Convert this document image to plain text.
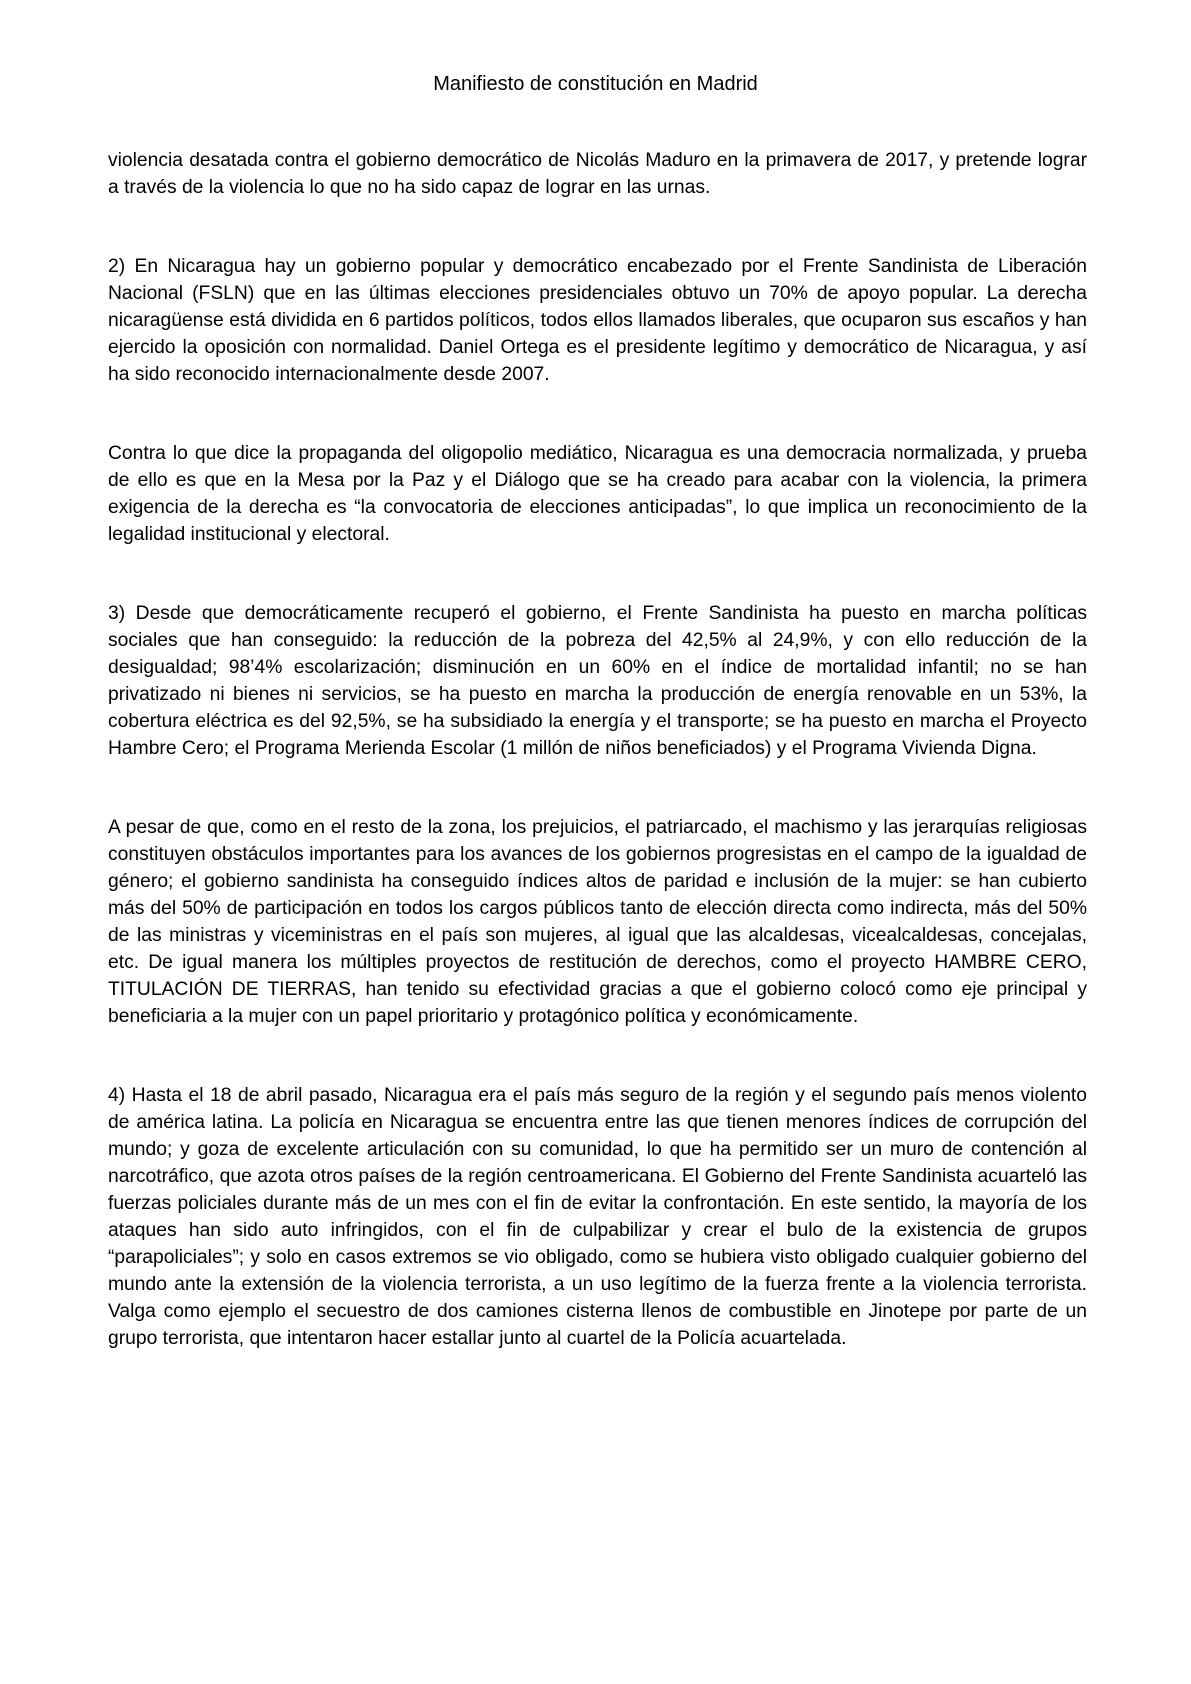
Manifiesto de constitución en Madrid

violencia desatada contra el gobierno democrático de Nicolás Maduro en la primavera de 2017, y pretende lograr a través de la violencia lo que no ha sido capaz de lograr en las urnas.

2) En Nicaragua hay un gobierno popular y democrático encabezado por el Frente Sandinista de Liberación Nacional (FSLN) que en las últimas elecciones presidenciales obtuvo un 70% de apoyo popular. La derecha nicaragüense está dividida en 6 partidos políticos, todos ellos llamados liberales, que ocuparon sus escaños y han ejercido la oposición con normalidad. Daniel Ortega es el presidente legítimo y democrático de Nicaragua, y así ha sido reconocido internacionalmente desde 2007.

Contra lo que dice la propaganda del oligopolio mediático, Nicaragua es una democracia normalizada, y prueba de ello es que en la Mesa por la Paz y el Diálogo que se ha creado para acabar con la violencia, la primera exigencia de la derecha es “la convocatoria de elecciones anticipadas”, lo que implica un reconocimiento de la legalidad institucional y electoral.

3) Desde que democráticamente recuperó el gobierno, el Frente Sandinista ha puesto en marcha políticas sociales que han conseguido: la reducción de la pobreza del 42,5% al 24,9%, y con ello reducción de la desigualdad; 98’4% escolarización; disminución en un 60% en el índice de mortalidad infantil; no se han privatizado ni bienes ni servicios, se ha puesto en marcha la producción de energía renovable en un 53%, la cobertura eléctrica es del 92,5%, se ha subsidiado la energía y el transporte; se ha puesto en marcha el Proyecto Hambre Cero; el Programa Merienda Escolar (1 millón de niños beneficiados) y el Programa Vivienda Digna.

A pesar de que, como en el resto de la zona, los prejuicios, el patriarcado, el machismo y las jerarquías religiosas constituyen obstáculos importantes para los avances de los gobiernos progresistas en el campo de la igualdad de género; el gobierno sandinista ha conseguido índices altos de paridad e inclusión de la mujer: se han cubierto más del 50% de participación en todos los cargos públicos tanto de elección directa como indirecta, más del 50% de las ministras y viceministras en el país son mujeres, al igual que las alcaldesas, vicealcaldesas, concejalas, etc. De igual manera los múltiples proyectos de restitución de derechos, como el proyecto HAMBRE CERO, TITULACIÓN DE TIERRAS, han tenido su efectividad gracias a que el gobierno colocó como eje principal y beneficiaria a la mujer con un papel prioritario y protagónico política y económicamente.

4) Hasta el 18 de abril pasado, Nicaragua era el país más seguro de la región y el segundo país menos violento de américa latina. La policía en Nicaragua se encuentra entre las que tienen menores índices de corrupción del mundo; y goza de excelente articulación con su comunidad, lo que ha permitido ser un muro de contención al narcotráfico, que azota otros países de la región centroamericana. El Gobierno del Frente Sandinista acuarteló las fuerzas policiales durante más de un mes con el fin de evitar la confrontación. En este sentido, la mayoría de los ataques han sido auto infringidos, con el fin de culpabilizar y crear el bulo de la existencia de grupos “parapoliciales”; y solo en casos extremos se vio obligado, como se hubiera visto obligado cualquier gobierno del mundo ante la extensión de la violencia terrorista, a un uso legítimo de la fuerza frente a la violencia terrorista. Valga como ejemplo el secuestro de dos camiones cisterna llenos de combustible en Jinotepe por parte de un grupo terrorista, que intentaron hacer estallar junto al cuartel de la Policía acuartelada.
